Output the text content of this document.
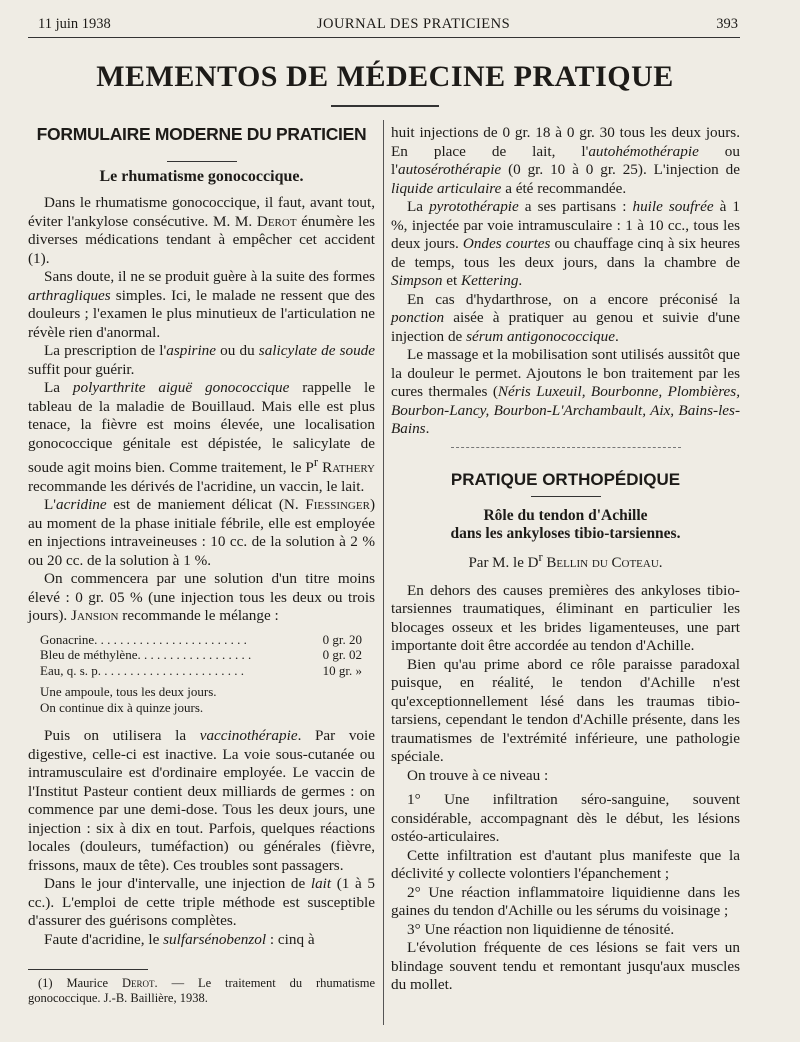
11 juin 1938	JOURNAL DES PRATICIENS	393
MEMENTOS DE MÉDECINE PRATIQUE

FORMULAIRE MODERNE DU PRATICIEN

Le rhumatisme gonococcique.

Dans le rhumatisme gonococcique, il faut, avant tout, éviter l'ankylose consécutive. M. M. Derot énumère les diverses médications tendant à empêcher cet accident (1).

Sans doute, il ne se produit guère à la suite des formes arthragliques simples. Ici, le malade ne ressent que des douleurs ; l'examen le plus minutieux de l'articulation ne révèle rien d'anormal.

La prescription de l'aspirine ou du salicylate de soude suffit pour guérir.

La polyarthrite aiguë gonococcique rappelle le tableau de la maladie de Bouillaud. Mais elle est plus tenace, la fièvre est moins élevée, une localisation gonococcique génitale est dépistée, le salicylate de soude agit moins bien. Comme traitement, le $P^r$ Rathery recommande les dérivés de l'acridine, un vaccin, le lait.

L'acridine est de maniement délicat (N. Fiessinger) au moment de la phase initiale fébrile, elle est employée en injections intraveineuses : 10 cc. de la solution à 2 % ou 20 cc. de la solution à 1 %.

On commencera par une solution d'un titre moins élevé : 0 gr. 05 % (une injection tous les deux ou trois jours). Jansion recommande le mélange :

Gonacrine. . . . . . . . . . . . . . . . . . . . . . . .	0 gr. 20
Bleu de méthylène. . . . . . . . . . . . . . . . . .	0 gr. 02
Eau, q. s. p. . . . . . . . . . . . . . . . . . . . . . .	10 gr. »
Une ampoule, tous les deux jours.
On continue dix à quinze jours.

Puis on utilisera la vaccinothérapie. Par voie digestive, celle-ci est inactive. La voie sous-cutanée ou intramusculaire est d'ordinaire employée. Le vaccin de l'Institut Pasteur contient deux milliards de germes : on commence par une demi-dose. Tous les deux jours, une injection : six à dix en tout. Parfois, quelques réactions locales (douleurs, tuméfaction) ou générales (fièvre, frissons, maux de tête). Ces troubles sont passagers.

Dans le jour d'intervalle, une injection de lait (1 à 5 cc.). L'emploi de cette triple méthode est susceptible d'assurer des guérisons complètes.

Faute d'acridine, le sulfarsénobenzol : cinq à

(1) Maurice Derot. — Le traitement du rhumatisme gonococcique. J.-B. Baillière, 1938.

huit injections de 0 gr. 18 à 0 gr. 30 tous les deux jours. En place de lait, l'autohémothérapie ou l'autosérothérapie (0 gr. 10 à 0 gr. 25). L'injection de liquide articulaire a été recommandée.

La pyrotothérapie a ses partisans : huile soufrée à 1 %, injectée par voie intramusculaire : 1 à 10 cc., tous les deux jours. Ondes courtes ou chauffage cinq à six heures de temps, tous les deux jours, dans la chambre de Simpson et Kettering.

En cas d'hydarthrose, on a encore préconisé la ponction aisée à pratiquer au genou et suivie d'une injection de sérum antigonococcique.

Le massage et la mobilisation sont utilisés aussitôt que la douleur le permet. Ajoutons le bon traitement par les cures thermales (Néris Luxeuil, Bourbonne, Plombières, Bourbon-Lancy, Bourbon-L'Archambault, Aix, Bains-les-Bains.

PRATIQUE ORTHOPÉDIQUE

Rôle du tendon d'Achille
dans les ankyloses tibio-tarsiennes.
Par M. le $D^r$ Bellin du Coteau.

En dehors des causes premières des ankyloses tibio-tarsiennes traumatiques, éliminant en particulier les blocages osseux et les brides ligamenteuses, une part importante doit être accordée au tendon d'Achille.

Bien qu'au prime abord ce rôle paraisse paradoxal puisque, en réalité, le tendon d'Achille n'est qu'exceptionnellement lésé dans les traumas tibio-tarsiens, cependant le tendon d'Achille présente, dans les traumatismes de l'extrémité inférieure, une pathologie spéciale.

On trouve à ce niveau :

1° Une infiltration séro-sanguine, souvent considérable, accompagnant dès le début, les lésions ostéo-articulaires.

Cette infiltration est d'autant plus manifeste que la déclivité y collecte volontiers l'épanchement ;

2° Une réaction inflammatoire liquidienne dans les gaines du tendon d'Achille ou les sérums du voisinage ;

3° Une réaction non liquidienne de ténosité.

L'évolution fréquente de ces lésions se fait vers un blindage souvent tendu et remontant jusqu'aux muscles du mollet.
